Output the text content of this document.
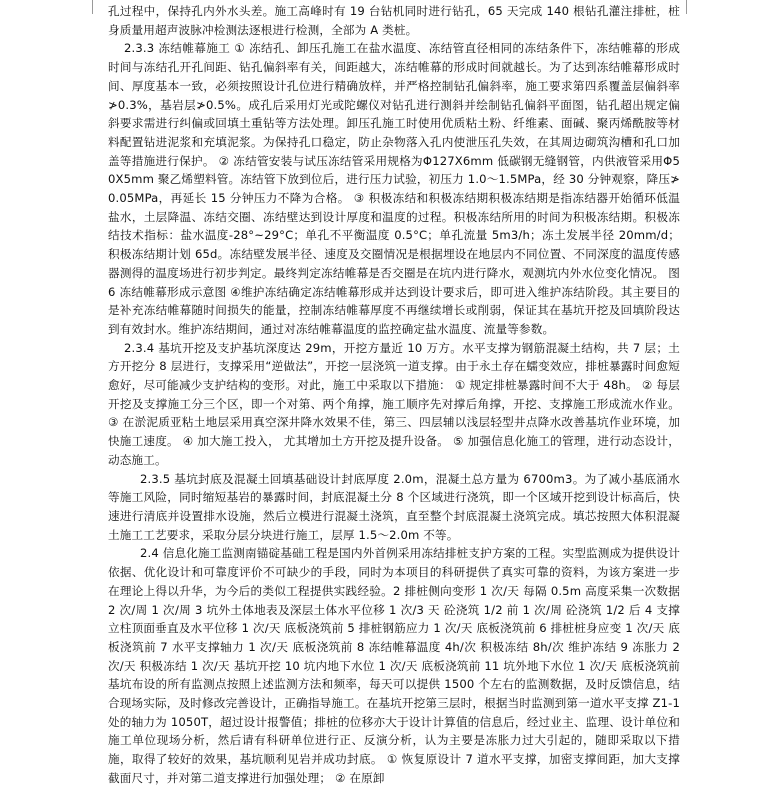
孔过程中，保持孔内外水头差。施工高峰时有 19 台钻机同时进行钻孔，65 天完成 140 根钻孔灌注排桩，桩身质量用超声波脉冲检测法逐根进行检测，全部为 A 类桩。

2.3.3 冻结帷幕施工 ① 冻结孔、卸压孔施工在盐水温度、冻结管直径相同的冻结条件下，冻结帷幕的形成时间与冻结孔开孔间距、钻孔偏斜率有关，间距越大，冻结帷幕的形成时间就越长。为了达到冻结帷幕形成时间、厚度基本一致，必须按照设计孔位进行精确放样，并严格控制钻孔偏斜率，施工要求第四系覆盖层偏斜率≯0.3%，基岩层≯0.5%。成孔后采用灯光或陀螺仪对钻孔进行测斜并绘制钻孔偏斜平面图，钻孔超出规定偏斜要求需进行纠偏或回填土重钻等方法处理。卸压孔施工时使用优质粘土粉、纤维素、面碱、聚丙烯酰胺等材料配置钻进泥浆和充填泥浆。为保持孔口稳定，防止杂物落入孔内使泄压孔失效，在其周边砌筑沟槽和孔口加盖等措施进行保护。 ② 冻结管安装与试压冻结管采用规格为Φ127X6mm 低碳钢无缝钢管，内供液管采用Φ50X5mm 聚乙烯塑料管。冻结管下放到位后，进行压力试验，初压力 1.0～1.5MPa，经 30 分钟观察，降压≯0.05MPa，再延长 15 分钟压力不降为合格。 ③ 积极冻结和积极冻结期积极冻结期是指冻结器开始循环低温盐水，土层降温、冻结交圈、冻结壁达到设计厚度和温度的过程。积极冻结所用的时间为积极冻结期。积极冻结技术指标：盐水温度-28°~29°C；单孔不平衡温度 0.5°C；单孔流量 5m3/h；冻土发展半径 20mm/d；积极冻结期计划 65d。冻结壁发展半径、速度及交圈情况是根据埋设在地层内不同位置、不同深度的温度传感器测得的温度场进行初步判定。最终判定冻结帷幕是否交圈是在坑内进行降水，观测坑内外水位变化情况。 图 6 冻结帷幕形成示意图 ④维护冻结确定冻结帷幕形成并达到设计要求后，即可进入维护冻结阶段。其主要目的是补充冻结帷幕随时间损失的能量，控制冻结帷幕厚度不再继续增长或削弱，保证其在基坑开挖及回填阶段达到有效封水。维护冻结期间，通过对冻结帷幕温度的监控确定盐水温度、流量等参数。

2.3.4 基坑开挖及支护基坑深度达 29m，开挖方量近 10 万方。水平支撑为钢筋混凝土结构，共 7 层；土方开挖分 8 层进行，支撑采用“逆做法”，开挖一层浇筑一道支撑。由于永土存在蠕变效应，排桩暴露时间愈短愈好，尽可能减少支护结构的变形。对此，施工中采取以下措施： ① 规定排桩暴露时间不大于 48h。 ② 每层开挖及支撑施工分三个区，即一个对第、两个角撑，施工顺序先对撑后角撑，开挖、支撑施工形成流水作业。 ③ 在淤泥质亚粘土地层采用真空深井降水效果不佳，第三、四层辅以浅层轻型井点降水改善基坑作业环境，加快施工速度。 ④ 加大施工投入， 尤其增加土方开挖及提升设备。 ⑤ 加强信息化施工的管理，进行动态设计，动态施工。

2.3.5 基坑封底及混凝土回填基础设计封底厚度 2.0m，混凝土总方量为 6700m3。为了减小基底涌水等施工风险，同时缩短基岩的暴露时间，封底混凝土分 8 个区域进行浇筑，即一个区域开挖到设计标高后，快速进行清底并设置排水设施，然后立模进行混凝土浇筑，直至整个封底混凝土浇筑完成。填芯按照大体积混凝土施工工艺要求，采取分层分块进行施工，层厚 1.5～2.0m 不等。

2.4 信息化施工监测南锚碇基础工程是国内外首例采用冻结排桩支护方案的工程。实型监测成为提供设计依据、优化设计和可靠度评价不可缺少的手段，同时为本项目的科研提供了真实可靠的资料，为该方案进一步在理论上得以升华，为今后的类似工程提供实践经验。2 排桩侧向变形 1 次/天 每隔 0.5m 高度采集一次数据 2 次/周 1 次/周 3 坑外土体地表及深层土体水平位移 1 次/3 天 砼浇筑 1/2 前 1 次/周 砼浇筑 1/2 后 4 支撑立柱顶面垂直及水平位移 1 次/天 底板浇筑前 5 排桩钢筋应力 1 次/天 底板浇筑前 6 排桩桩身应变 1 次/天 底板浇筑前 7 水平支撑轴力 1 次/天 底板浇筑前 8 冻结帷幕温度 4h/次 积极冻结 8h/次 维护冻结 9 冻胀力 2 次/天 积极冻结 1 次/天 基坑开挖 10 坑内地下水位 1 次/天 底板浇筑前 11 坑外地下水位 1 次/天 底板浇筑前 基坑布设的所有监测点按照上述监测方法和频率，每天可以提供 1500 个左右的监测数据，及时反馈信息，结合现场实际，及时修改完善设计，正确指导施工。在基坑开挖第三层时，根据当时监测到第一道水平支撑 Z1-1 处的轴力为 1050T，超过设计报警值；排桩的位移亦大于设计计算值的信息后，经过业主、监理、设计单位和施工单位现场分析，然后请有科研单位进行正、反演分析，认为主要是冻胀力过大引起的，随即采取以下措施，取得了较好的效果，基坑顺利见岩并成功封底。 ① 恢复原设计 7 道水平支撑，加密支撑间距，加大支撑截面尺寸，并对第二道支撑进行加强处理； ② 在原卸
